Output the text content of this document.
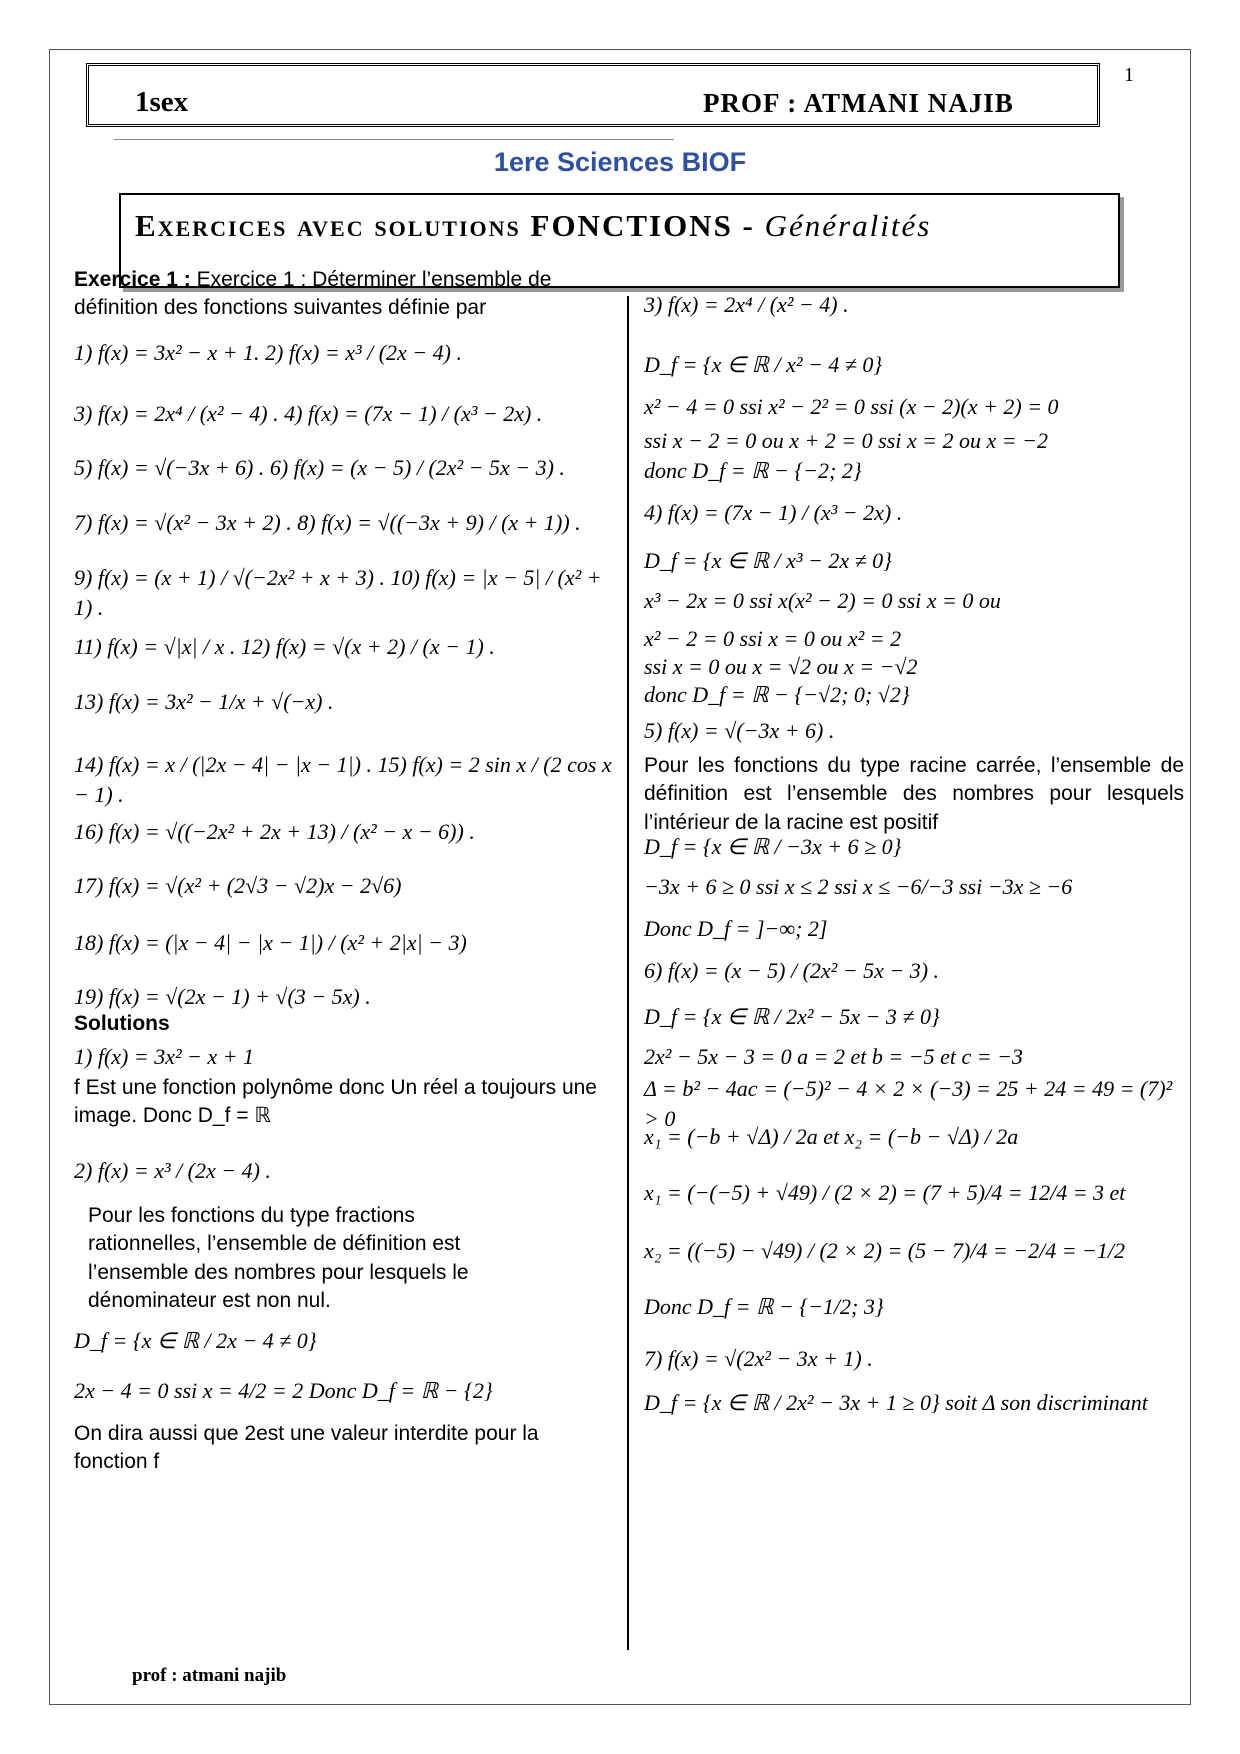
1
1sex	PROF : ATMANI NAJIB
1ere Sciences BIOF
Exercices avec solutions FONCTIONS - Généralités
Exercice 1 : Exercice 1 : Déterminer l’ensemble de définition des fonctions suivantes définie par
1) f(x) = 3x² − x + 1. 2) f(x) = x³ / (2x − 4) .
3) f(x) = 2x⁴ / (x² − 4) . 4) f(x) = (7x − 1) / (x³ − 2x) .
5) f(x) = √(−3x + 6) . 6) f(x) = (x − 5) / (2x² − 5x − 3) .
7) f(x) = √(x² − 3x + 2) . 8) f(x) = √((−3x + 9) / (x + 1)) .
9) f(x) = (x + 1) / √(−2x² + x + 3) . 10) f(x) = |x − 5| / (x² + 1) .
11) f(x) = √|x| / x . 12) f(x) = √(x + 2) / (x − 1) .
13) f(x) = 3x² − 1/x + √(−x) .
14) f(x) = x / (|2x − 4| − |x − 1|) . 15) f(x) = 2 sin x / (2 cos x − 1) .
16) f(x) = √((−2x² + 2x + 13) / (x² − x − 6)) .
17) f(x) = √(x² + (2√3 − √2)x − 2√6)
18) f(x) = (|x − 4| − |x − 1|) / (x² + 2|x| − 3)
19) f(x) = √(2x − 1) + √(3 − 5x) .
Solutions
1) f(x) = 3x² − x + 1
f Est une fonction polynôme donc Un réel a toujours une image. Donc D_f = ℝ
2) f(x) = x³ / (2x − 4) .
Pour les fonctions du type fractions rationnelles, l’ensemble de définition est l’ensemble des nombres pour lesquels le dénominateur est non nul.
D_f = {x ∈ ℝ / 2x − 4 ≠ 0}
2x − 4 = 0 ssi x = 4/2 = 2 Donc D_f = ℝ − {2}
On dira aussi que 2est une valeur interdite pour la fonction f
3) f(x) = 2x⁴ / (x² − 4) .
D_f = {x ∈ ℝ / x² − 4 ≠ 0}
x² − 4 = 0 ssi x² − 2² = 0 ssi (x − 2)(x + 2) = 0
ssi x − 2 = 0 ou x + 2 = 0 ssi x = 2 ou x = −2
donc D_f = ℝ − {−2; 2}
4) f(x) = (7x − 1) / (x³ − 2x) .
D_f = {x ∈ ℝ / x³ − 2x ≠ 0}
x³ − 2x = 0 ssi x(x² − 2) = 0 ssi x = 0 ou
x² − 2 = 0 ssi x = 0 ou x² = 2
ssi x = 0 ou x = √2 ou x = −√2
donc D_f = ℝ − {−√2; 0; √2}
5) f(x) = √(−3x + 6) .
Pour les fonctions du type racine carrée, l’ensemble de définition est l’ensemble des nombres pour lesquels l’intérieur de la racine est positif
D_f = {x ∈ ℝ / −3x + 6 ≥ 0}
−3x + 6 ≥ 0 ssi x ≤ 2 ssi x ≤ −6/−3 ssi −3x ≥ −6
Donc D_f = ]−∞; 2]
6) f(x) = (x − 5) / (2x² − 5x − 3) .
D_f = {x ∈ ℝ / 2x² − 5x − 3 ≠ 0}
2x² − 5x − 3 = 0 a = 2 et b = −5 et c = −3
Δ = b² − 4ac = (−5)² − 4 × 2 × (−3) = 25 + 24 = 49 = (7)² > 0
x₁ = (−b + √Δ) / 2a et x₂ = (−b − √Δ) / 2a
x₁ = (−(−5) + √49) / (2 × 2) = (7 + 5)/4 = 12/4 = 3 et
x₂ = ((−5) − √49) / (2 × 2) = (5 − 7)/4 = −2/4 = −1/2
Donc D_f = ℝ − {−1/2; 3}
7) f(x) = √(2x² − 3x + 1) .
D_f = {x ∈ ℝ / 2x² − 3x + 1 ≥ 0} soit Δ son discriminant
prof : atmani najib
